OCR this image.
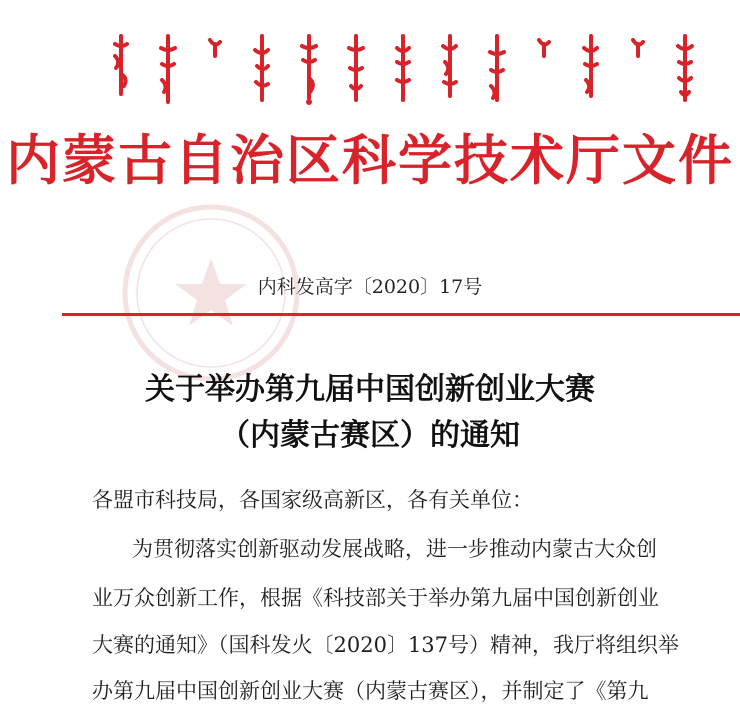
内蒙古自治区科学技术厅文件
内科发高字〔2020〕17号
关于举办第九届中国创新创业大赛
（内蒙古赛区）的通知
各盟市科技局，各国家级高新区，各有关单位：
为贯彻落实创新驱动发展战略，进一步推动内蒙古大众创
业万众创新工作，根据《科技部关于举办第九届中国创新创业
大赛的通知》（国科发火〔2020〕137号）精神，我厅将组织举
办第九届中国创新创业大赛（内蒙古赛区），并制定了《第九
